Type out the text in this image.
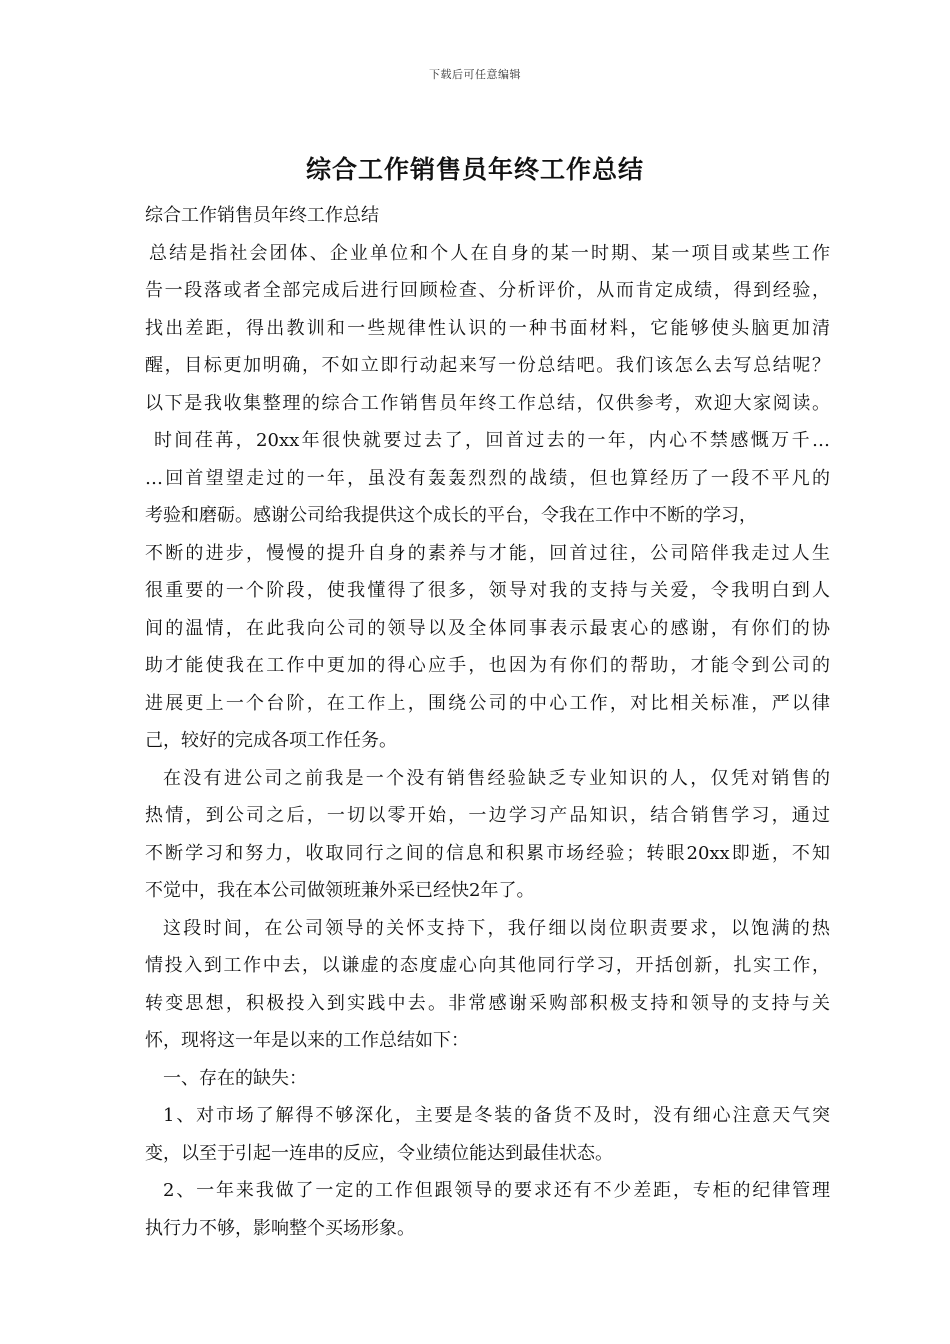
下载后可任意编辑
综合工作销售员年终工作总结
综合工作销售员年终工作总结
总结是指社会团体、企业单位和个人在自身的某一时期、某一项目或某些工作
告一段落或者全部完成后进行回顾检查、分析评价，从而肯定成绩，得到经验，
找出差距，得出教训和一些规律性认识的一种书面材料，它能够使头脑更加清
醒，目标更加明确，不如立即行动起来写一份总结吧。我们该怎么去写总结呢？
以下是我收集整理的综合工作销售员年终工作总结，仅供参考，欢迎大家阅读。
时间荏苒，20xx年很快就要过去了，回首过去的一年，内心不禁感慨万千…
…回首望望走过的一年，虽没有轰轰烈烈的战绩，但也算经历了一段不平凡的
考验和磨砺。感谢公司给我提供这个成长的平台，令我在工作中不断的学习，
不断的进步，慢慢的提升自身的素养与才能，回首过往，公司陪伴我走过人生
很重要的一个阶段，使我懂得了很多，领导对我的支持与关爱，令我明白到人
间的温情，在此我向公司的领导以及全体同事表示最衷心的感谢，有你们的协
助才能使我在工作中更加的得心应手，也因为有你们的帮助，才能令到公司的
进展更上一个台阶，在工作上，围绕公司的中心工作，对比相关标准，严以律
己，较好的完成各项工作任务。
在没有进公司之前我是一个没有销售经验缺乏专业知识的人，仅凭对销售的
热情，到公司之后，一切以零开始，一边学习产品知识，结合销售学习，通过
不断学习和努力，收取同行之间的信息和积累市场经验；转眼20xx即逝，不知
不觉中，我在本公司做领班兼外采已经快2年了。
这段时间，在公司领导的关怀支持下，我仔细以岗位职责要求，以饱满的热
情投入到工作中去，以谦虚的态度虚心向其他同行学习，开括创新，扎实工作，
转变思想，积极投入到实践中去。非常感谢采购部积极支持和领导的支持与关
怀，现将这一年是以来的工作总结如下：
一、存在的缺失：
1、对市场了解得不够深化，主要是冬装的备货不及时，没有细心注意天气突
变，以至于引起一连串的反应，令业绩位能达到最佳状态。
2、一年来我做了一定的工作但跟领导的要求还有不少差距，专柜的纪律管理
执行力不够，影响整个买场形象。
